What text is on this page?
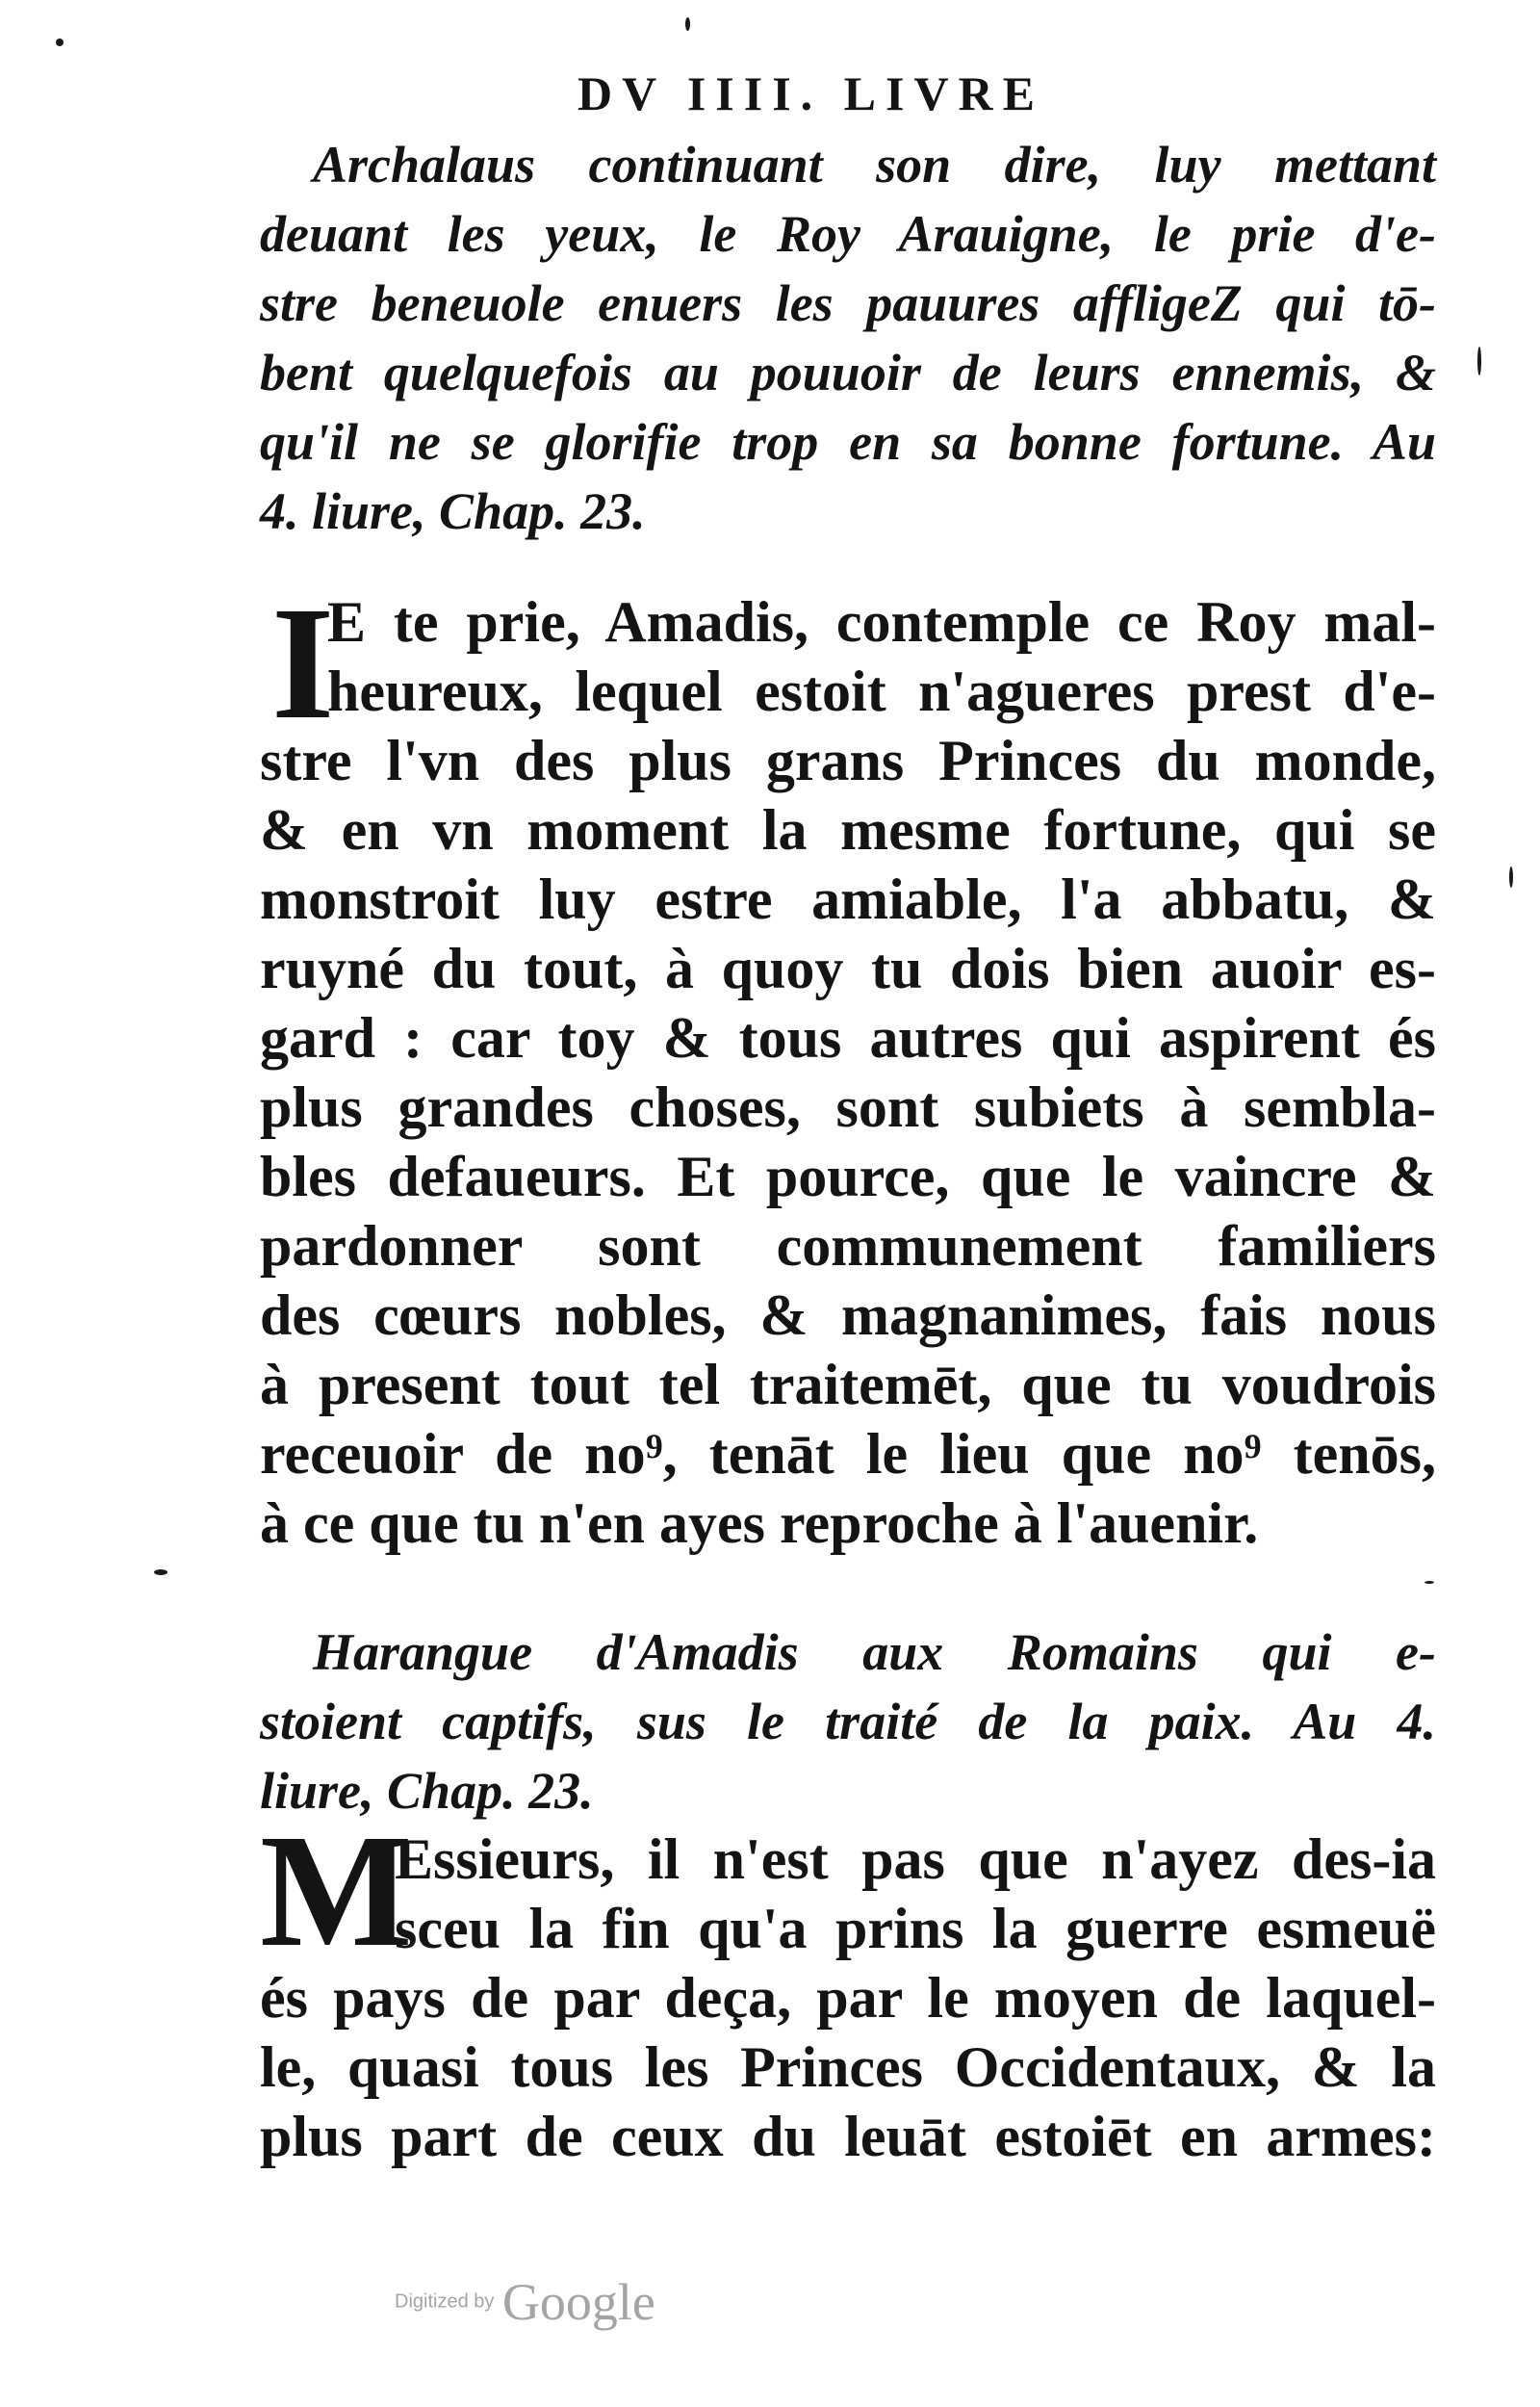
DV IIII. LIVRE
Archalaus continuant son dire, luy mettant
deuant les yeux, le Roy Arauigne, le prie d'e-
stre beneuole enuers les pauures affligeZ qui tō-
bent quelquefois au pouuoir de leurs ennemis, &
qu'il ne se glorifie trop en sa bonne fortune. Au
4. liure, Chap. 23.
I
E te prie, Amadis, contemple ce Roy mal-
heureux, lequel estoit n'agueres prest d'e-
stre l'vn des plus grans Princes du monde,
& en vn moment la mesme fortune, qui se
monstroit luy estre amiable, l'a abbatu, &
ruyné du tout, à quoy tu dois bien auoir es-
gard : car toy & tous autres qui aspirent és
plus grandes choses, sont subiets à sembla-
bles defaueurs. Et pource, que le vaincre &
pardonner sont communement familiers
des cœurs nobles, & magnanimes, fais nous
à present tout tel traitemēt, que tu voudrois
receuoir de no⁹, tenāt le lieu que no⁹ tenōs,
à ce que tu n'en ayes reproche à l'auenir.
Harangue d'Amadis aux Romains qui e-
stoient captifs, sus le traité de la paix. Au 4.
liure, Chap. 23.
M
Essieurs, il n'est pas que n'ayez des-ia
sceu la fin qu'a prins la guerre esmeuë
és pays de par deça, par le moyen de laquel-
le, quasi tous les Princes Occidentaux, & la
plus part de ceux du leuāt estoiēt en armes:
Digitized by Google
